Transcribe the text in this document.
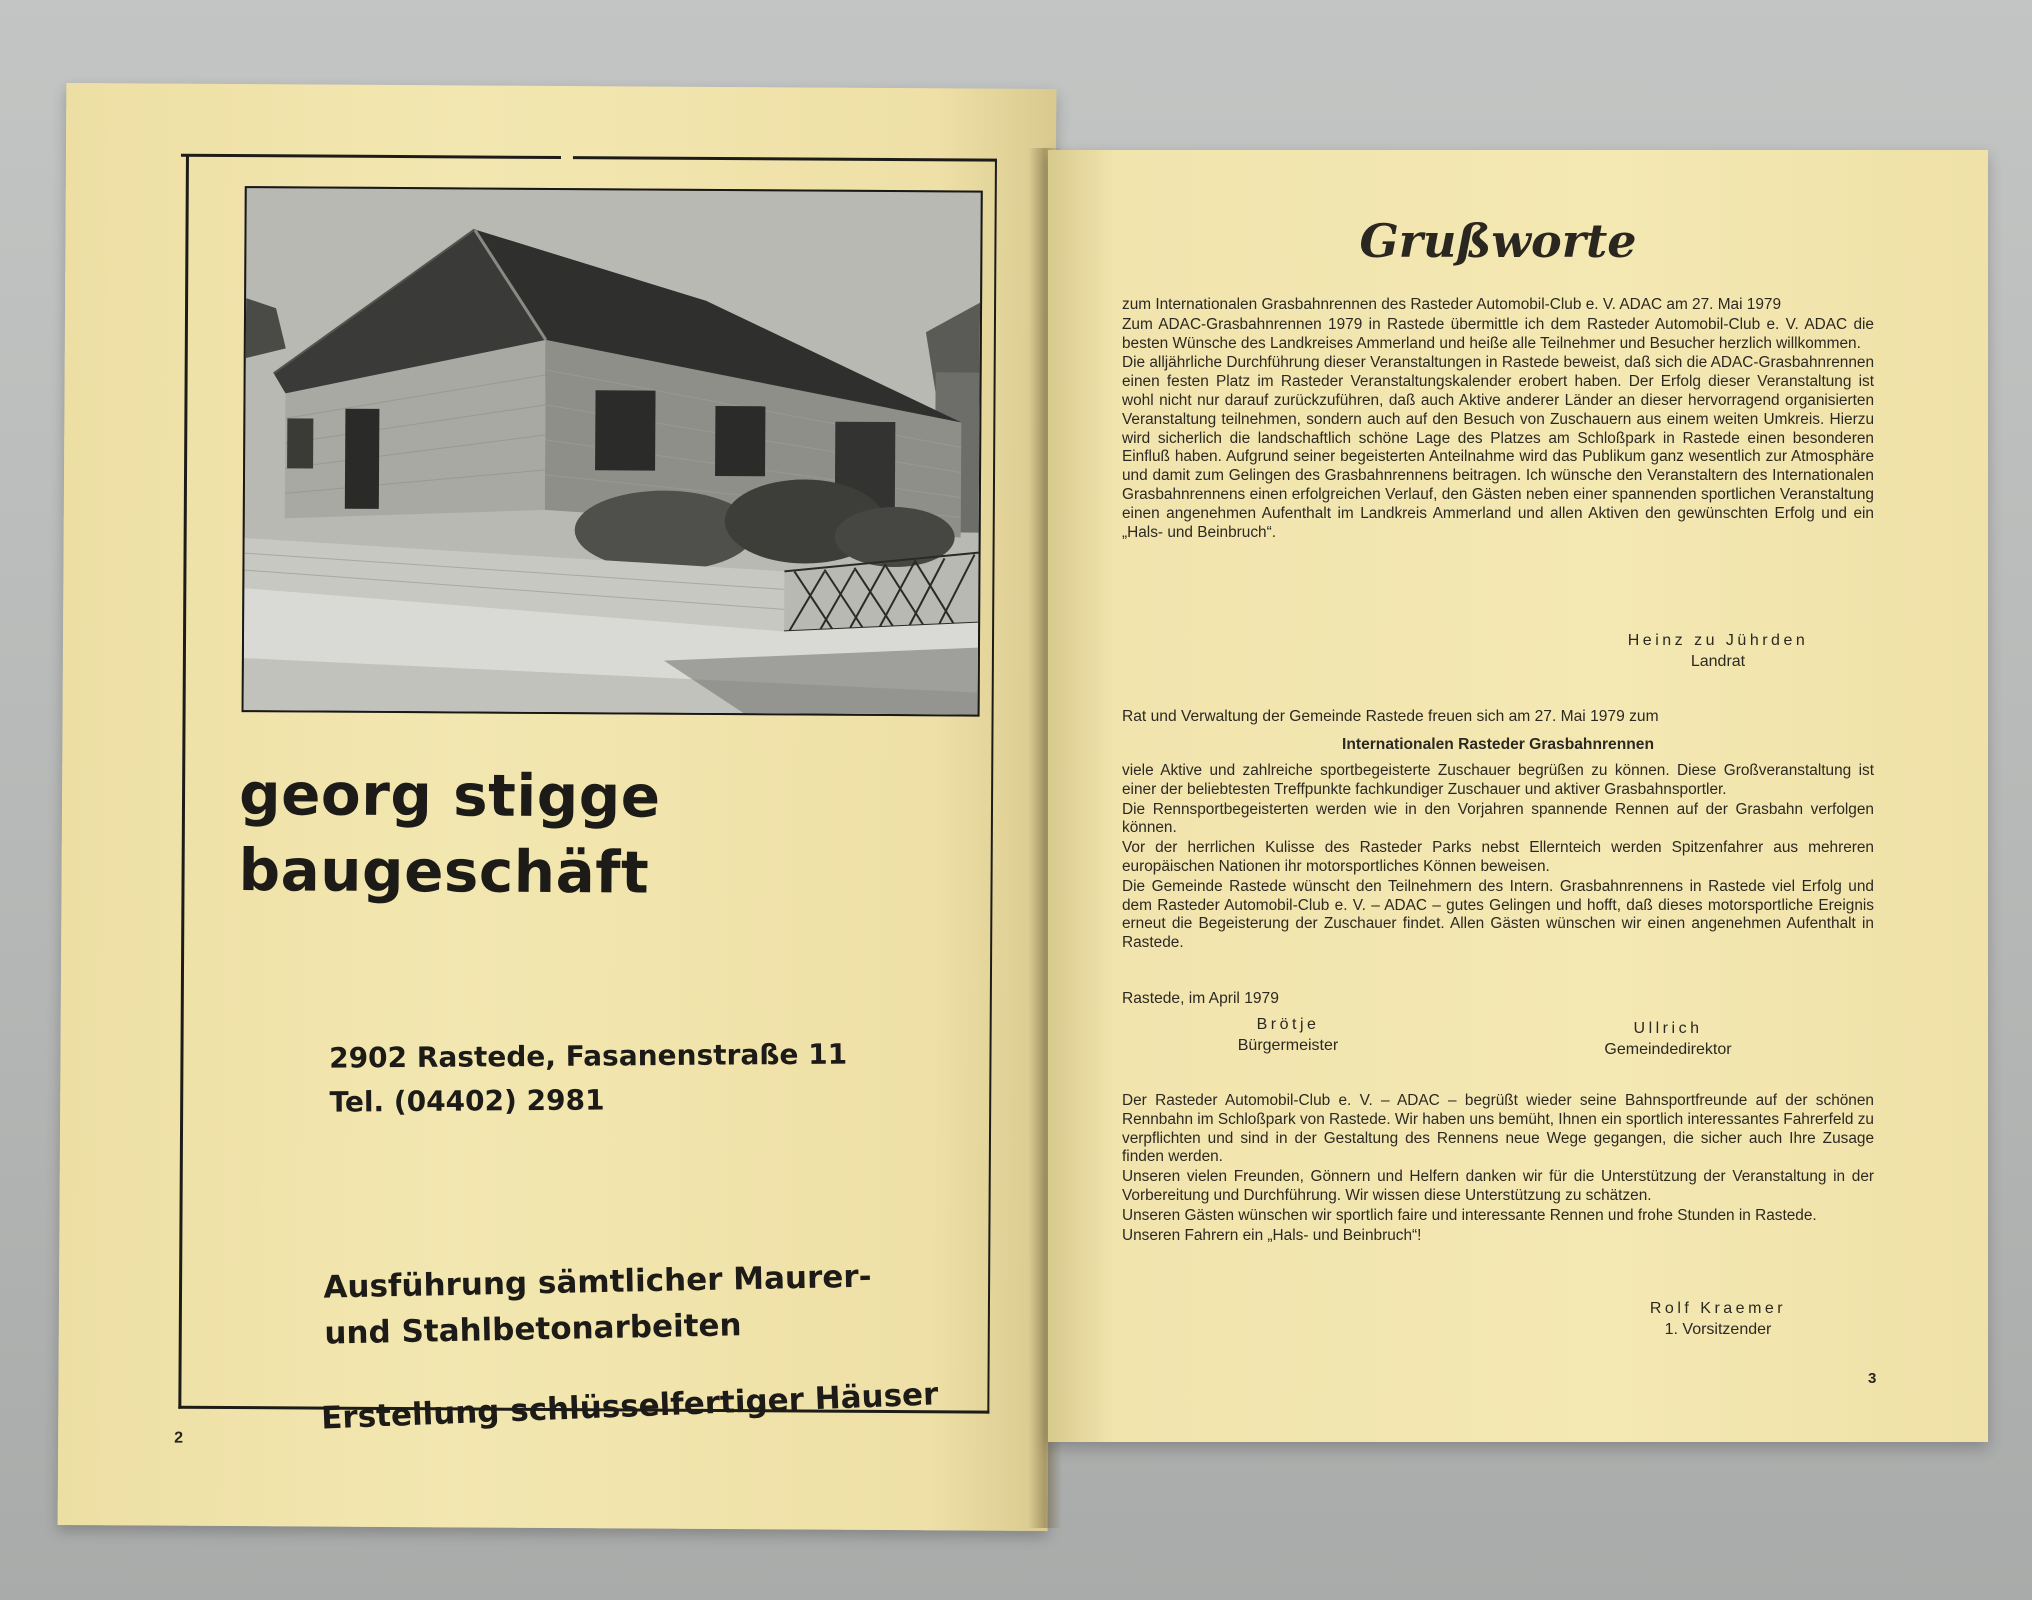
georg stigge
baugeschäft
2902 Rastede, Fasanenstraße 11
Tel. (04402) 2981
Ausführung sämtlicher Maurer-
und Stahlbetonarbeiten
Erstellung schlüsselfertiger Häuser
2
Grußworte

zum Internationalen Grasbahnrennen des Rasteder Automobil-Club e. V. ADAC am 27. Mai 1979

Zum ADAC-Grasbahnrennen 1979 in Rastede übermittle ich dem Rasteder Automobil-Club e. V. ADAC die besten Wünsche des Landkreises Ammerland und heiße alle Teilnehmer und Besucher herzlich willkommen.

Die alljährliche Durchführung dieser Veranstaltungen in Rastede beweist, daß sich die ADAC-Grasbahnrennen einen festen Platz im Rasteder Veranstaltungskalender erobert haben. Der Erfolg dieser Veranstaltung ist wohl nicht nur darauf zurückzuführen, daß auch Aktive anderer Länder an dieser hervorragend organisierten Veranstaltung teilnehmen, sondern auch auf den Besuch von Zuschauern aus einem weiten Umkreis. Hierzu wird sicherlich die landschaftlich schöne Lage des Platzes am Schloßpark in Rastede einen besonderen Einfluß haben. Aufgrund seiner begeisterten Anteilnahme wird das Publikum ganz wesentlich zur Atmosphäre und damit zum Gelingen des Grasbahnrennens beitragen. Ich wünsche den Veranstaltern des Internationalen Grasbahnrennens einen erfolgreichen Verlauf, den Gästen neben einer spannenden sportlichen Veranstaltung einen angenehmen Aufenthalt im Landkreis Ammerland und allen Aktiven den gewünschten Erfolg und ein „Hals- und Beinbruch“.

Heinz zu Jührden
Landrat
Rat und Verwaltung der Gemeinde Rastede freuen sich am 27. Mai 1979 zum
Internationalen Rasteder Grasbahnrennen

viele Aktive und zahlreiche sportbegeisterte Zuschauer begrüßen zu können. Diese Großveranstaltung ist einer der beliebtesten Treffpunkte fachkundiger Zuschauer und aktiver Grasbahnsportler.

Die Rennsportbegeisterten werden wie in den Vorjahren spannende Rennen auf der Grasbahn verfolgen können.

Vor der herrlichen Kulisse des Rasteder Parks nebst Ellernteich werden Spitzenfahrer aus mehreren europäischen Nationen ihr motorsportliches Können beweisen.

Die Gemeinde Rastede wünscht den Teilnehmern des Intern. Grasbahnrennens in Rastede viel Erfolg und dem Rasteder Automobil-Club e. V. – ADAC – gutes Gelingen und hofft, daß dieses motorsportliche Ereignis erneut die Begeisterung der Zuschauer findet. Allen Gästen wünschen wir einen angenehmen Aufenthalt in Rastede.

Rastede, im April 1979
Brötje
Bürgermeister
Ullrich
Gemeindedirektor

Der Rasteder Automobil-Club e. V. – ADAC – begrüßt wieder seine Bahnsportfreunde auf der schönen Rennbahn im Schloßpark von Rastede. Wir haben uns bemüht, Ihnen ein sportlich interessantes Fahrerfeld zu verpflichten und sind in der Gestaltung des Rennens neue Wege gegangen, die sicher auch Ihre Zusage finden werden.

Unseren vielen Freunden, Gönnern und Helfern danken wir für die Unterstützung der Veranstaltung in der Vorbereitung und Durchführung. Wir wissen diese Unterstützung zu schätzen.

Unseren Gästen wünschen wir sportlich faire und interessante Rennen und frohe Stunden in Rastede.

Unseren Fahrern ein „Hals- und Beinbruch“!

Rolf Kraemer
1. Vorsitzender
3
